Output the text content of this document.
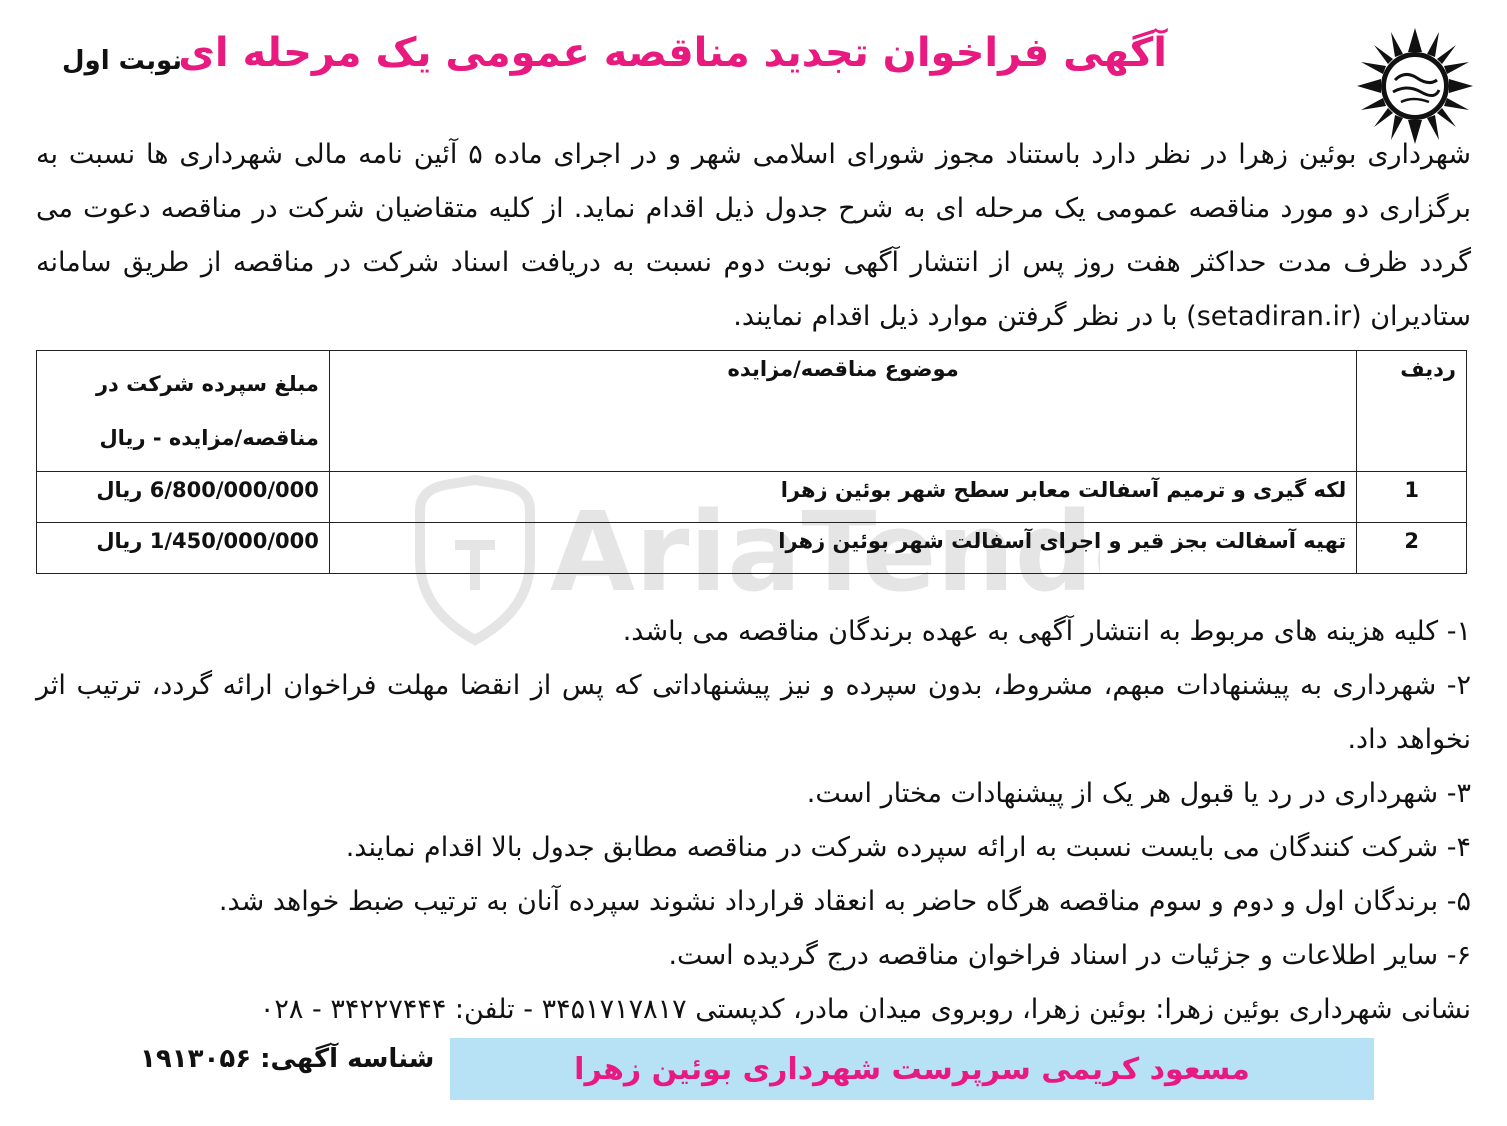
آگهی فراخوان تجدید مناقصه عمومی یک مرحله ای
نوبت اول
شهرداری بوئین زهرا در نظر دارد باستناد مجوز شورای اسلامی شهر و در اجرای ماده ۵ آئین نامه مالی شهرداری ها نسبت به برگزاری دو مورد مناقصه عمومی یک مرحله ای به شرح جدول ذیل اقدام نماید. از کلیه متقاضیان شرکت در مناقصه دعوت می گردد ظرف مدت حداکثر هفت روز پس از انتشار آگهی نوبت دوم نسبت به دریافت اسناد شرکت در مناقصه از طریق سامانه ستادیران (setadiran.ir) با در نظر گرفتن موارد ذیل اقدام نمایند.
AriaTend
ردیف	موضوع مناقصه/مزایده	مبلغ سپرده شرکت در
مناقصه/مزایده - ریال

1	لکه گیری و ترمیم آسفالت معابر سطح شهر بوئین زهرا	6/800/000/000 ریال
2	تهیه آسفالت بجز قیر و اجرای آسفالت شهر بوئین زهرا	1/450/000/000 ریال

۱- کلیه هزینه های مربوط به انتشار آگهی به عهده برندگان مناقصه می باشد.

۲- شهرداری به پیشنهادات مبهم، مشروط، بدون سپرده و نیز پیشنهاداتی که پس از انقضا مهلت فراخوان ارائه گردد، ترتیب اثر نخواهد داد.

۳- شهرداری در رد یا قبول هر یک از پیشنهادات مختار است.

۴- شرکت کنندگان می بایست نسبت به ارائه سپرده شرکت در مناقصه مطابق جدول بالا اقدام نمایند.

۵- برندگان اول و دوم و سوم مناقصه هرگاه حاضر به انعقاد قرارداد نشوند سپرده آنان به ترتیب ضبط خواهد شد.

۶- سایر اطلاعات و جزئیات در اسناد فراخوان مناقصه درج گردیده است.

نشانی شهرداری بوئین زهرا: بوئین زهرا، روبروی میدان مادر، کدپستی ۳۴۵۱۷۱۷۸۱۷ - تلفن: ۳۴۲۲۷۴۴۴ - ۰۲۸

مسعود کریمی سرپرست شهرداری بوئین زهرا
شناسه آگهی: ۱۹۱۳۰۵۶
